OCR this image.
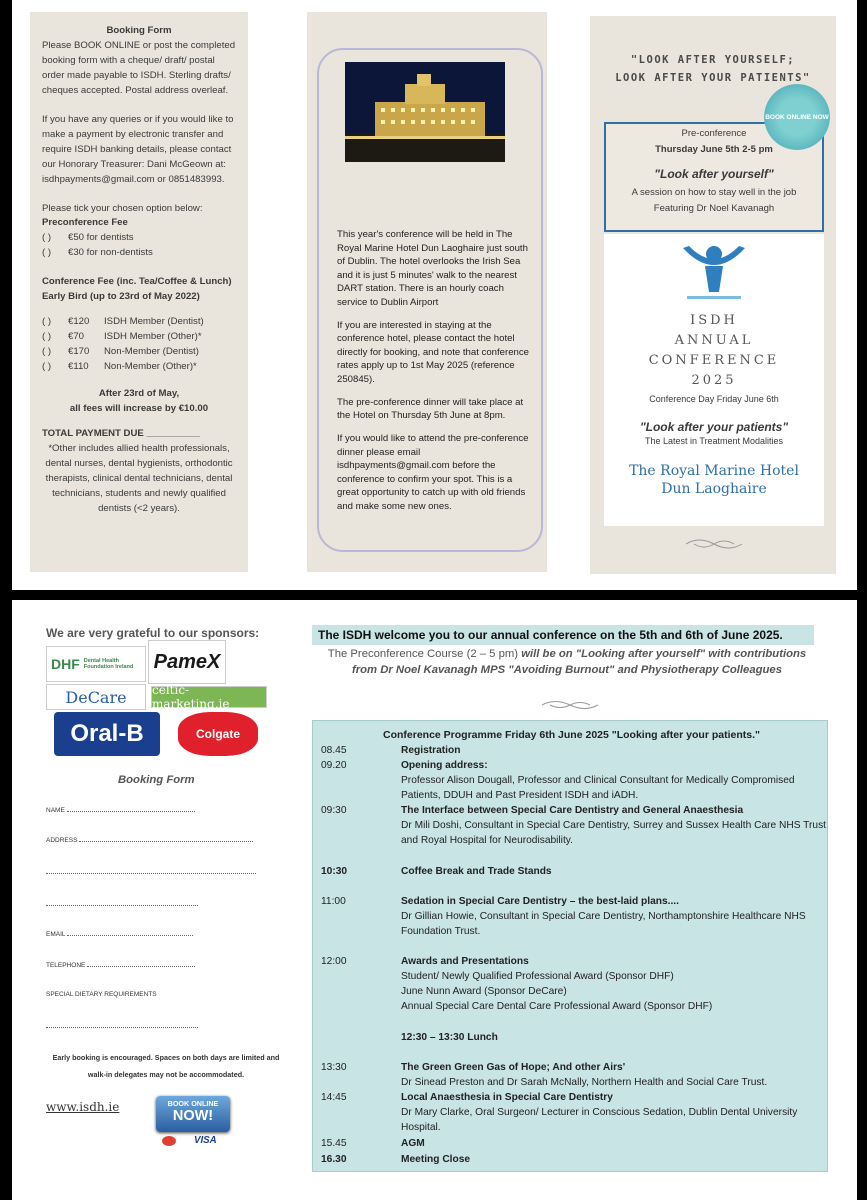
Booking Form
Please BOOK ONLINE or post the completed booking form with a cheque/ draft/ postal order made payable to ISDH. Sterling drafts/ cheques accepted. Postal address overleaf.
If you have any queries or if you would like to make a payment by electronic transfer and require ISDH banking details, please contact our Honorary Treasurer: Dani McGeown at: isdhpayments@gmail.com or 0851483993.
Please tick your chosen option below:
Preconference Fee
( )	€50 for dentists
( )	€30 for non-dentists
Conference Fee (inc. Tea/Coffee & Lunch)
Early Bird (up to 23rd of May 2022)
( )	€120	ISDH Member (Dentist)
( )	€70	ISDH Member (Other)*
( )	€170	Non-Member (Dentist)
( )	€110	Non-Member (Other)*
After 23rd of May,
all fees will increase by €10.00
TOTAL PAYMENT DUE __________
*Other includes allied health professionals, dental nurses, dental hygienists, orthodontic therapists, clinical dental technicians, dental technicians, students and newly qualified dentists (<2 years).

This year's conference will be held in The Royal Marine Hotel Dun Laoghaire just south of Dublin. The hotel overlooks the Irish Sea and it is just 5 minutes' walk to the nearest DART station. There is an hourly coach service to Dublin Airport

If you are interested in staying at the conference hotel, please contact the hotel directly for booking, and note that conference rates apply up to 1st May 2025 (reference 250845).

The pre-conference dinner will take place at the Hotel on Thursday 5th June at 8pm.

If you would like to attend the pre-conference dinner please email isdhpayments@gmail.com before the conference to confirm your spot. This is a great opportunity to catch up with old friends and make some new ones.

"LOOK AFTER YOURSELF;
LOOK AFTER YOUR PATIENTS"
Pre-conference
Thursday June 5th 2-5 pm
"Look after yourself"
A session on how to stay well in the job
Featuring Dr Noel Kavanagh
BOOK ONLINE NOW
ISDH
ANNUAL
CONFERENCE
2025
Conference Day Friday June 6th
"Look after your patients"
The Latest in Treatment Modalities
The Royal Marine Hotel
Dun Laoghaire
We are very grateful to our sponsors:
DHF Dental Health Foundation Ireland PameX
DeCare	celtic-marketing.ie
Oral-B	Colgate
Booking Form
NAME
ADDRESS
EMAIL
TELEPHONE
SPECIAL DIETARY REQUIREMENTS
Early booking is encouraged. Spaces on both days are limited and walk-in delegates may not be accommodated.
www.isdh.ie	BOOK ONLINE
NOW!
VISA
The ISDH welcome you to our annual conference on the 5th and 6th of June 2025.
The Preconference Course (2 – 5 pm) will be on "Looking after yourself" with contributions
from Dr Noel Kavanagh MPS "Avoiding Burnout" and Physiotherapy Colleagues
Conference Programme Friday 6th June 2025 "Looking after your patients."
08.45	Registration
09.20	Opening address:
Professor Alison Dougall, Professor and Clinical Consultant for Medically Compromised Patients, DDUH and Past President ISDH and iADH.
09:30	The Interface between Special Care Dentistry and General Anaesthesia
Dr Mili Doshi, Consultant in Special Care Dentistry, Surrey and Sussex Health Care NHS Trust and Royal Hospital for Neurodisability.
10:30	Coffee Break and Trade Stands
11:00	Sedation in Special Care Dentistry – the best-laid plans....
Dr Gillian Howie, Consultant in Special Care Dentistry, Northamptonshire Healthcare NHS Foundation Trust.
12:00	Awards and Presentations
Student/ Newly Qualified Professional Award (Sponsor DHF)
June Nunn Award (Sponsor DeCare)
Annual Special Care Dental Care Professional Award (Sponsor DHF)
12:30 – 13:30 Lunch
13:30	The Green Green Gas of Hope; And other Airs'
Dr Sinead Preston and Dr Sarah McNally, Northern Health and Social Care Trust.
14:45	Local Anaesthesia in Special Care Dentistry
Dr Mary Clarke, Oral Surgeon/ Lecturer in Conscious Sedation, Dublin Dental University Hospital.
15.45	AGM
16.30	Meeting Close
